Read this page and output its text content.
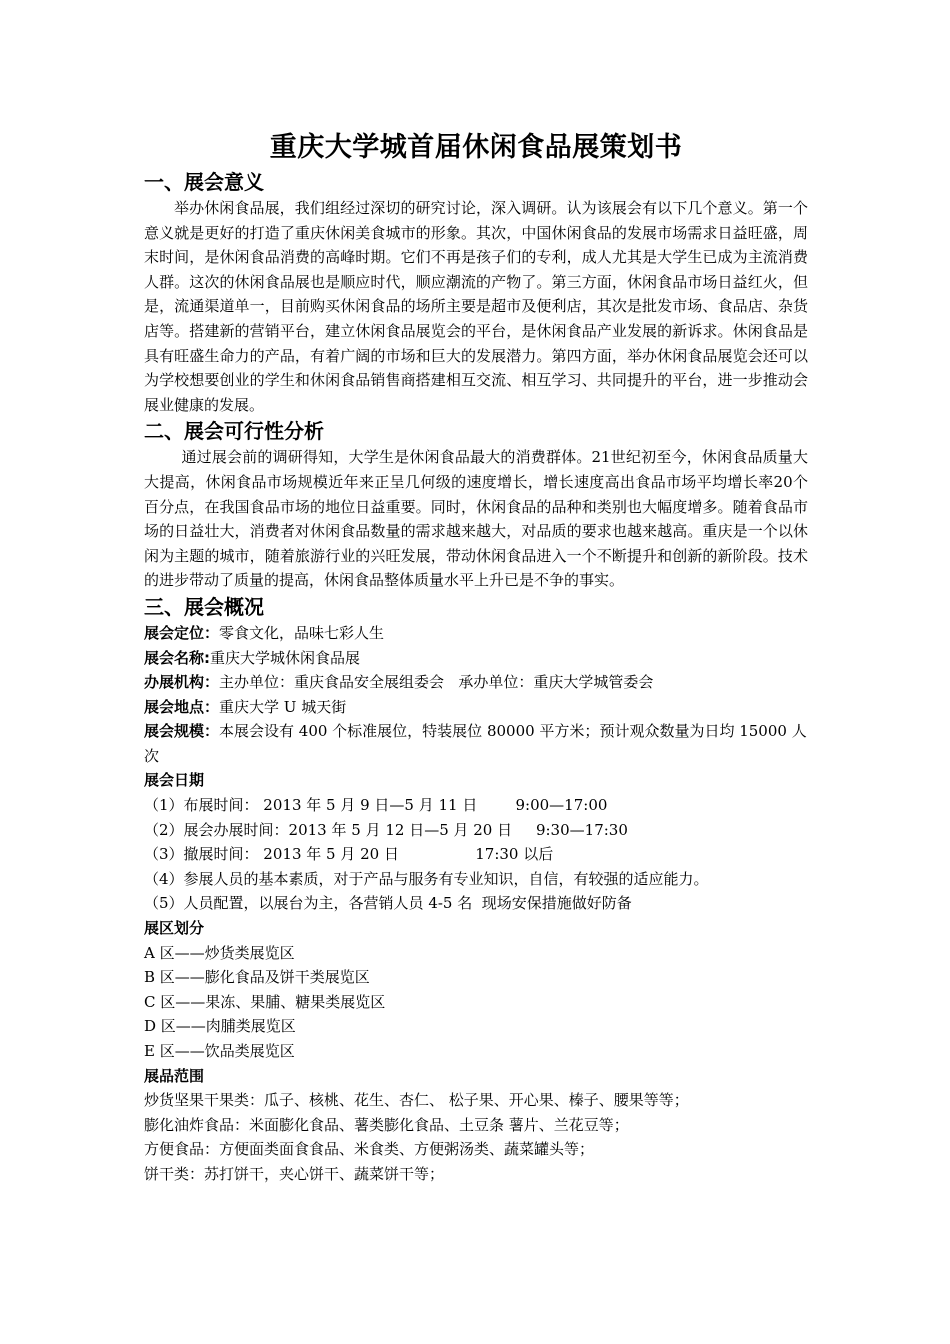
重庆大学城首届休闲食品展策划书
一、展会意义

举办休闲食品展，我们组经过深切的研究讨论，深入调研。认为该展会有以下几个意义。第一个意义就是更好的打造了重庆休闲美食城市的形象。其次，中国休闲食品的发展市场需求日益旺盛，周末时间，是休闲食品消费的高峰时期。它们不再是孩子们的专利，成人尤其是大学生已成为主流消费人群。这次的休闲食品展也是顺应时代，顺应潮流的产物了。第三方面，休闲食品市场日益红火，但是，流通渠道单一，目前购买休闲食品的场所主要是超市及便利店，其次是批发市场、食品店、杂货店等。搭建新的营销平台，建立休闲食品展览会的平台，是休闲食品产业发展的新诉求。休闲食品是具有旺盛生命力的产品，有着广阔的市场和巨大的发展潜力。第四方面，举办休闲食品展览会还可以为学校想要创业的学生和休闲食品销售商搭建相互交流、相互学习、共同提升的平台，进一步推动会展业健康的发展。

二、展会可行性分析

通过展会前的调研得知，大学生是休闲食品最大的消费群体。21世纪初至今，休闲食品质量大大提高，休闲食品市场规模近年来正呈几何级的速度增长，增长速度高出食品市场平均增长率20个百分点，在我国食品市场的地位日益重要。同时，休闲食品的品种和类别也大幅度增多。随着食品市场的日益壮大，消费者对休闲食品数量的需求越来越大，对品质的要求也越来越高。重庆是一个以休闲为主题的城市，随着旅游行业的兴旺发展，带动休闲食品进入一个不断提升和创新的新阶段。技术的进步带动了质量的提高，休闲食品整体质量水平上升已是不争的事实。

三、展会概况

展会定位：零食文化，品味七彩人生

展会名称:重庆大学城休闲食品展

办展机构：主办单位：重庆食品安全展组委会   承办单位：重庆大学城管委会

展会地点：重庆大学 U 城天街

展会规模：本展会设有 400 个标准展位，特装展位 80000 平方米；预计观众数量为日均 15000 人次

展会日期

（1）布展时间： 2013 年 5 月 9 日—5 月 11 日        9:00—17:00

（2）展会办展时间：2013 年 5 月 12 日—5 月 20 日     9:30—17:30

（3）撤展时间： 2013 年 5 月 20 日                17:30 以后

（4）参展人员的基本素质，对于产品与服务有专业知识，自信，有较强的适应能力。

（5）人员配置，以展台为主，各营销人员 4-5 名  现场安保措施做好防备

展区划分

A 区——炒货类展览区

B 区——膨化食品及饼干类展览区

C 区——果冻、果脯、糖果类展览区

D 区——肉脯类展览区

E 区——饮品类展览区

展品范围

炒货坚果干果类：瓜子、核桃、花生、杏仁、 松子果、开心果、榛子、腰果等等；

膨化油炸食品：米面膨化食品、薯类膨化食品、土豆条 薯片、兰花豆等；

方便食品：方便面类面食食品、米食类、方便粥汤类、蔬菜罐头等；

饼干类：苏打饼干，夹心饼干、蔬菜饼干等；
